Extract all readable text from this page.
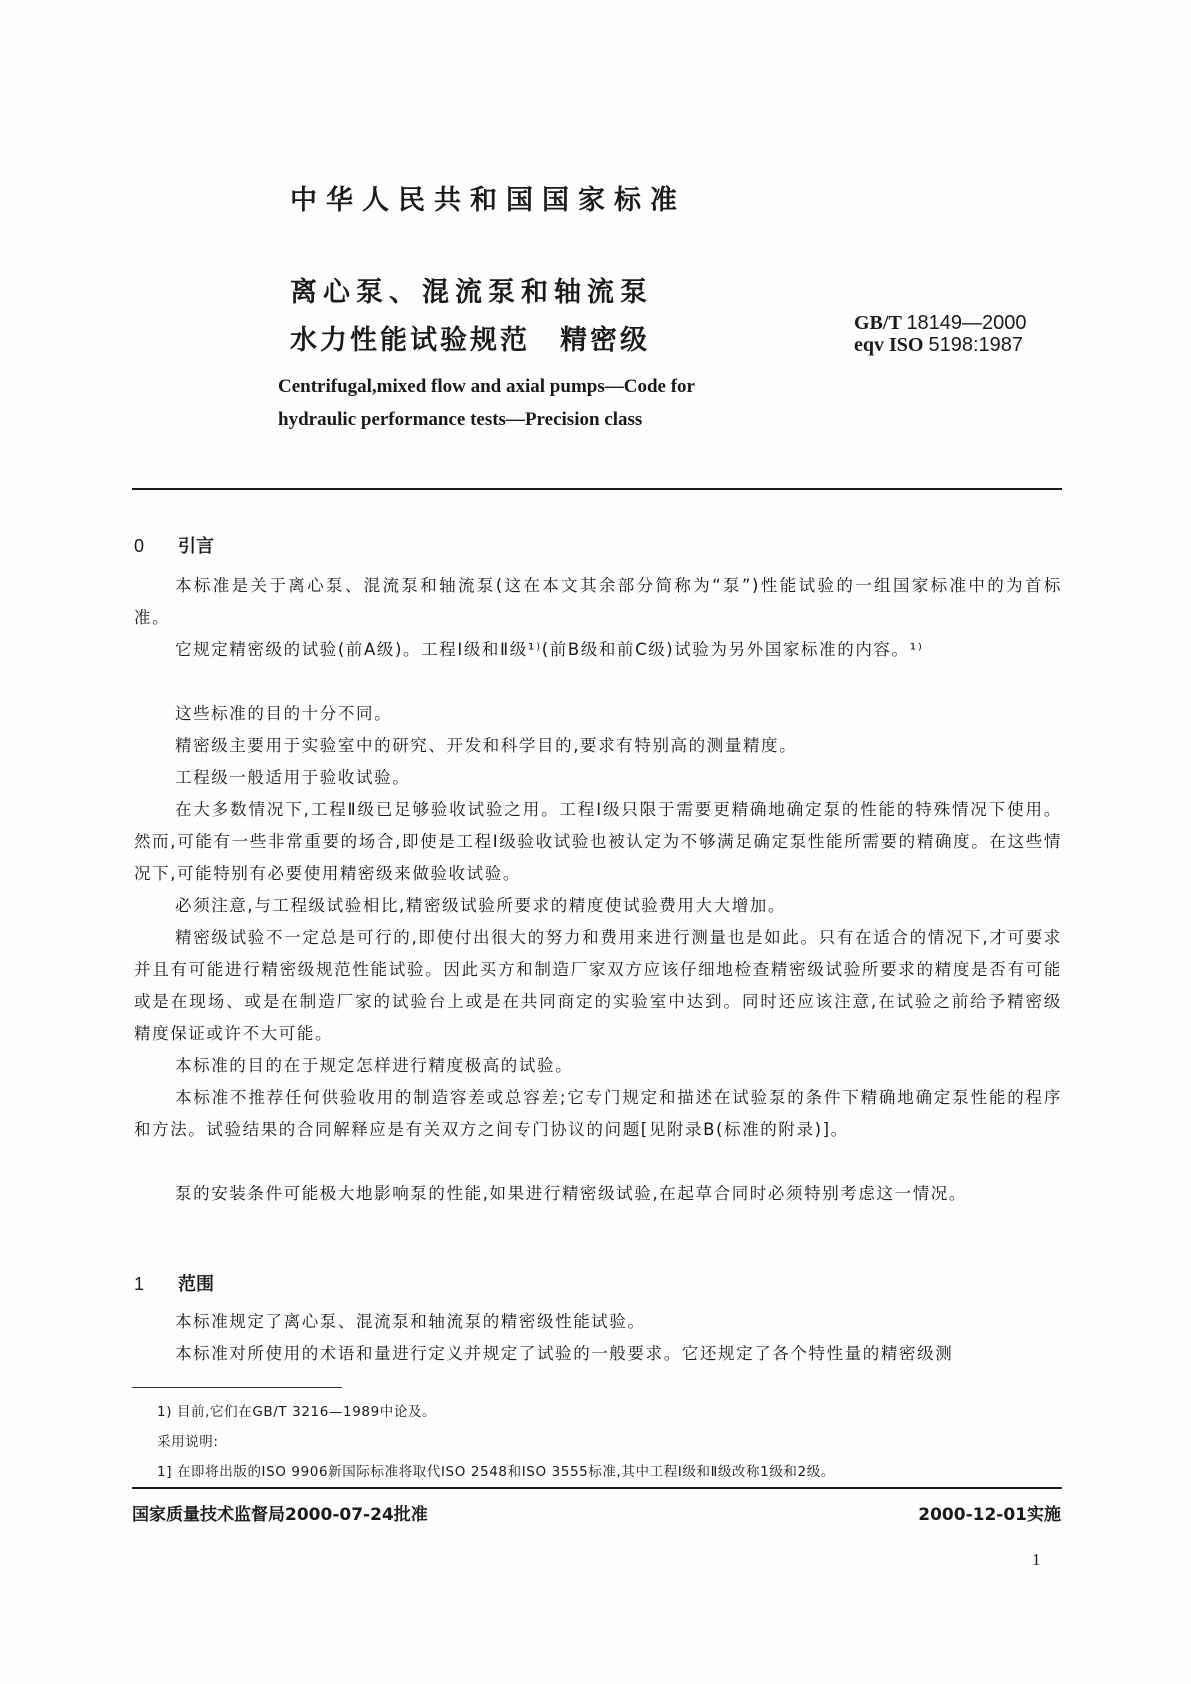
中华人民共和国国家标准

离心泵、混流泵和轴流泵

水力性能试验规范　精密级

GB/T 18149—2000
eqv ISO 5198:1987

Centrifugal,mixed flow and axial pumps—Code for

hydraulic performance tests—Precision class

0 引言

本标准是关于离心泵、混流泵和轴流泵(这在本文其余部分简称为“泵”)性能试验的一组国家标准中的为首标准。

它规定精密级的试验(前A级)。工程Ⅰ级和Ⅱ级¹⁾(前B级和前C级)试验为另外国家标准的内容。¹⁾

这些标准的目的十分不同。

精密级主要用于实验室中的研究、开发和科学目的,要求有特别高的测量精度。

工程级一般适用于验收试验。

在大多数情况下,工程Ⅱ级已足够验收试验之用。工程Ⅰ级只限于需要更精确地确定泵的性能的特殊情况下使用。然而,可能有一些非常重要的场合,即使是工程Ⅰ级验收试验也被认定为不够满足确定泵性能所需要的精确度。在这些情况下,可能特别有必要使用精密级来做验收试验。

必须注意,与工程级试验相比,精密级试验所要求的精度使试验费用大大增加。

精密级试验不一定总是可行的,即使付出很大的努力和费用来进行测量也是如此。只有在适合的情况下,才可要求并且有可能进行精密级规范性能试验。因此买方和制造厂家双方应该仔细地检查精密级试验所要求的精度是否有可能或是在现场、或是在制造厂家的试验台上或是在共同商定的实验室中达到。同时还应该注意,在试验之前给予精密级精度保证或许不大可能。

本标准的目的在于规定怎样进行精度极高的试验。

本标准不推荐任何供验收用的制造容差或总容差;它专门规定和描述在试验泵的条件下精确地确定泵性能的程序和方法。试验结果的合同解释应是有关双方之间专门协议的问题[见附录B(标准的附录)]。

泵的安装条件可能极大地影响泵的性能,如果进行精密级试验,在起草合同时必须特别考虑这一情况。

1 范围

本标准规定了离心泵、混流泵和轴流泵的精密级性能试验。

本标准对所使用的术语和量进行定义并规定了试验的一般要求。它还规定了各个特性量的精密级测

1) 目前,它们在GB/T 3216—1989中论及。

采用说明:

1] 在即将出版的ISO 9906新国际标准将取代ISO 2548和ISO 3555标准,其中工程Ⅰ级和Ⅱ级改称1级和2级。

国家质量技术监督局2000-07-24批准	2000-12-01实施

1
